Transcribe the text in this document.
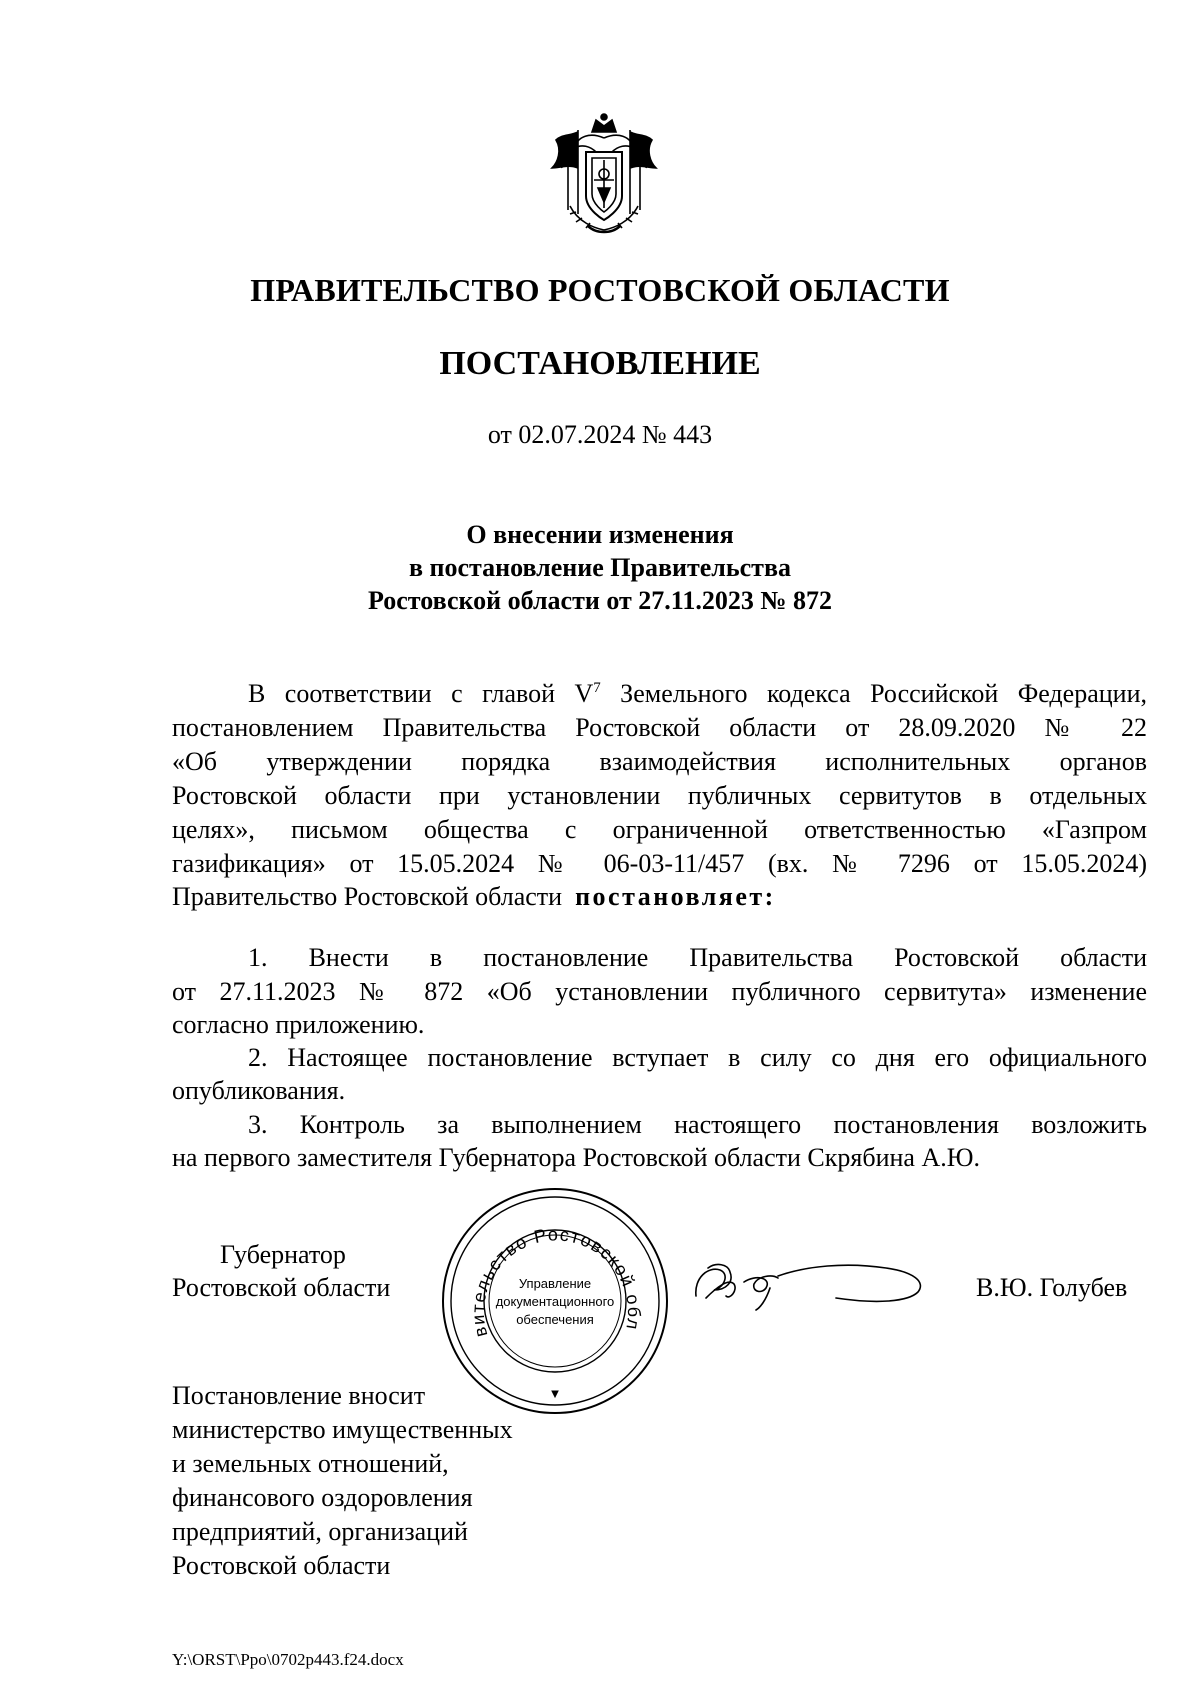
ПРАВИТЕЛЬСТВО РОСТОВСКОЙ ОБЛАСТИ
ПОСТАНОВЛЕНИЕ
от 02.07.2024 № 443
О внесении изменения
в постановление Правительства
Ростовской области от 27.11.2023 № 872
В соответствии с главой $V^7$ Земельного кодекса Российской Федерации,
постановлением Правительства Ростовской области от 28.09.2020 № 22
«Об утверждении порядка взаимодействия исполнительных органов
Ростовской области при установлении публичных сервитутов в отдельных
целях», письмом общества с ограниченной ответственностью «Газпром
газификация» от 15.05.2024 № 06-03-11/457 (вх. № 7296 от 15.05.2024)
Правительство Ростовской области постановляет:
1. Внести в постановление Правительства Ростовской области
от 27.11.2023 № 872 «Об установлении публичного сервитута» изменение
согласно приложению.
2. Настоящее постановление вступает в силу со дня его официального
опубликования.
3. Контроль за выполнением настоящего постановления возложить
на первого заместителя Губернатора Ростовской области Скрябина А.Ю.
Губернатор
Ростовской области	В.Ю. Голубев
вительство Ростовской обл
Управление
документационного
обеспечения
Постановление вносит
министерство имущественных
и земельных отношений,
финансового оздоровления
предприятий, организаций
Ростовской области
Y:\ORST\Ppo\0702p443.f24.docx
